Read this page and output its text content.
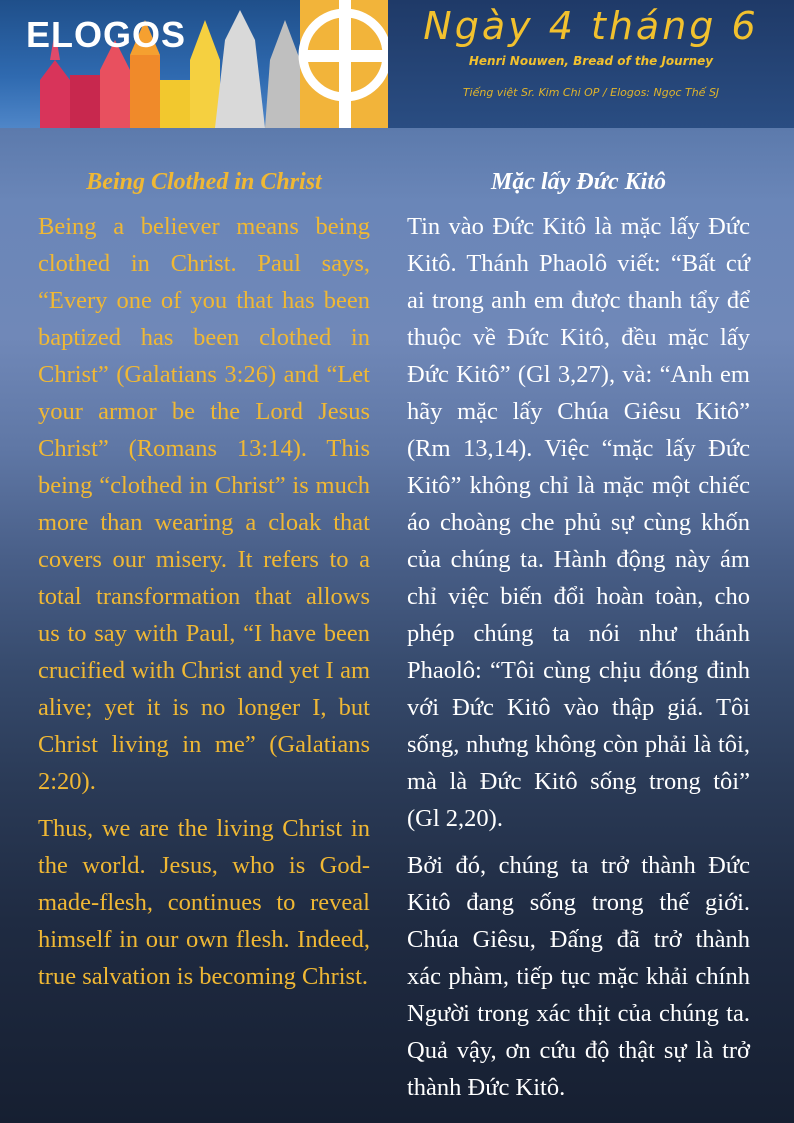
ELOGOS	Ngày 4 tháng 6
Henri Nouwen, Bread of the Journey
Tiếng việt Sr. Kim Chi OP / Elogos: Ngọc Thế SJ
Being Clothed in Christ

Being a believer means being clothed in Christ. Paul says, “Every one of you that has been baptized has been clothed in Christ” (Galatians 3:26) and “Let your armor be the Lord Jesus Christ” (Romans 13:14). This being “clothed in Christ” is much more than wearing a cloak that covers our misery. It refers to a total transformation that allows us to say with Paul, “I have been crucified with Christ and yet I am alive; yet it is no longer I, but Christ living in me” (Galatians 2:20).

Thus, we are the living Christ in the world. Jesus, who is God-made-flesh, continues to reveal himself in our own flesh. Indeed, true salvation is becoming Christ.

Mặc lấy Đức Kitô

Tin vào Đức Kitô là mặc lấy Đức Kitô. Thánh Phaolô viết: “Bất cứ ai trong anh em được thanh tẩy để thuộc về Đức Kitô, đều mặc lấy Đức Kitô” (Gl 3,27), và: “Anh em hãy mặc lấy Chúa Giêsu Kitô” (Rm 13,14). Việc “mặc lấy Đức Kitô” không chỉ là mặc một chiếc áo choàng che phủ sự cùng khốn của chúng ta. Hành động này ám chỉ việc biến đổi hoàn toàn, cho phép chúng ta nói như thánh Phaolô: “Tôi cùng chịu đóng đinh với Đức Kitô vào thập giá. Tôi sống, nhưng không còn phải là tôi, mà là Đức Kitô sống trong tôi” (Gl 2,20).

Bởi đó, chúng ta trở thành Đức Kitô đang sống trong thế giới. Chúa Giêsu, Đấng đã trở thành xác phàm, tiếp tục mặc khải chính Người trong xác thịt của chúng ta. Quả vậy, ơn cứu độ thật sự là trở thành Đức Kitô.
